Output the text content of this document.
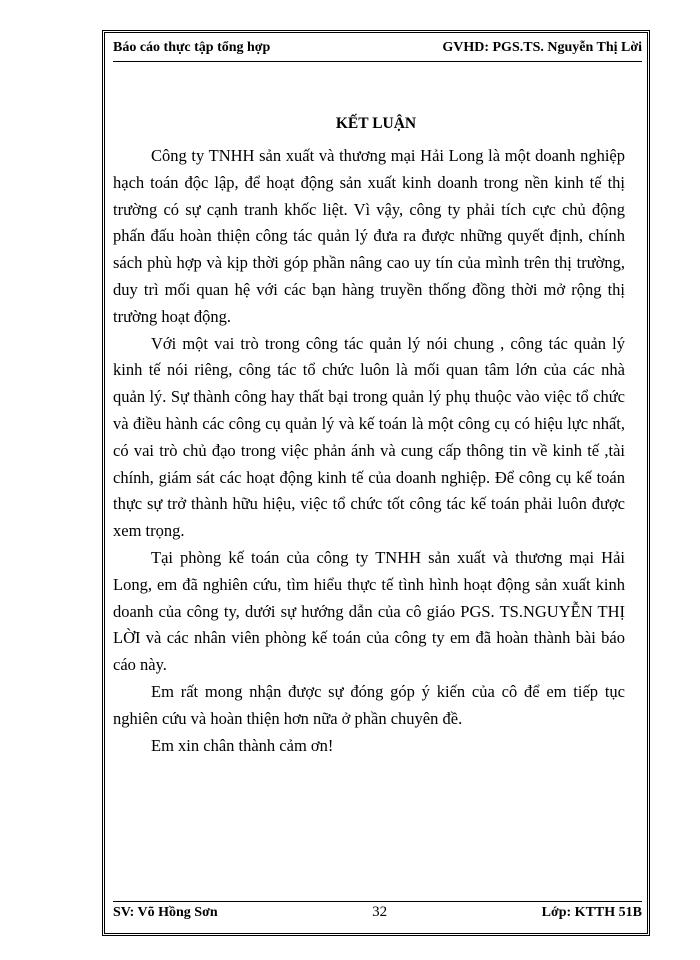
Báo cáo thực tập tổng hợp	GVHD: PGS.TS. Nguyễn Thị Lời
KẾT LUẬN

Công ty TNHH sản xuất và thương mại Hải Long là một doanh nghiệp hạch toán độc lập, để hoạt động sản xuất kinh doanh trong nền kinh tế thị trường có sự cạnh tranh khốc liệt. Vì vậy, công ty phải tích cực chủ động phấn đấu hoàn thiện công tác quản lý đưa ra được những quyết định, chính sách phù hợp và kịp thời góp phần nâng cao uy tín của mình trên thị trường, duy trì mối quan hệ với các bạn hàng truyền thống đồng thời mở rộng thị trường hoạt động.

Với một vai trò trong công tác quản lý nói chung , công tác quản lý kinh tế nói riêng, công tác tổ chức luôn là mối quan tâm lớn của các nhà quản lý. Sự thành công hay thất bại trong quản lý phụ thuộc vào việc tổ chức và điều hành các công cụ quản lý và kế toán là một công cụ có hiệu lực nhất, có vai trò chủ đạo trong việc phản ánh và cung cấp thông tin về kinh tế ,tài chính, giám sát các hoạt động kinh tế của doanh nghiệp. Để công cụ kế toán thực sự trở thành hữu hiệu, việc tổ chức tốt công tác kế toán phải luôn được xem trọng.

Tại phòng kế toán của công ty TNHH sản xuất và thương mại Hải Long, em đã nghiên cứu, tìm hiểu thực tế tình hình hoạt động sản xuất kinh doanh của công ty, dưới sự hướng dẫn của cô giáo PGS. TS.NGUYỄN THỊ LỜI và các nhân viên phòng kế toán của công ty em đã hoàn thành bài báo cáo này.

Em rất mong nhận được sự đóng góp ý kiến của cô để em tiếp tục nghiên cứu và hoàn thiện hơn nữa ở phần chuyên đề.

Em xin chân thành cảm ơn!

SV: Võ Hồng Sơn	32	Lớp: KTTH 51B
